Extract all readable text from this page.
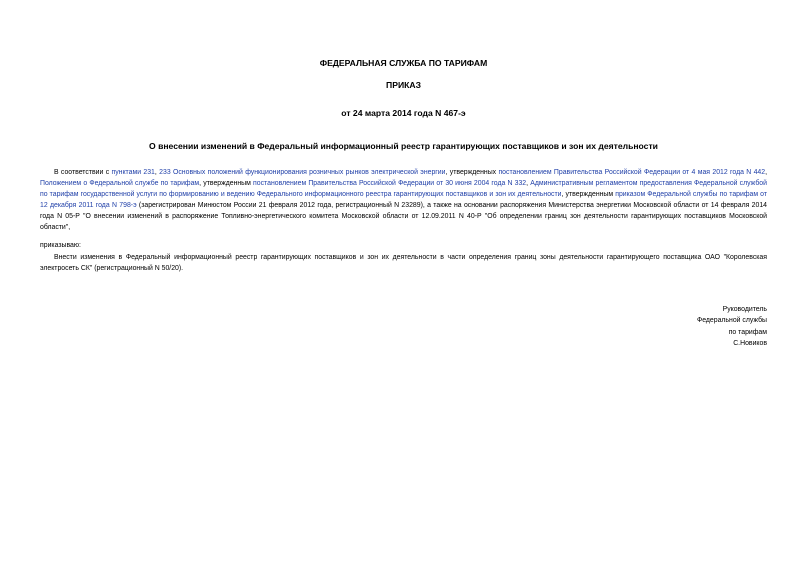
ФЕДЕРАЛЬНАЯ СЛУЖБА ПО ТАРИФАМ
ПРИКАЗ
от 24 марта 2014 года N 467-э
О внесении изменений в Федеральный информационный реестр гарантирующих поставщиков и зон их деятельности
В соответствии с пунктами 231, 233 Основных положений функционирования розничных рынков электрической энергии, утвержденных постановлением Правительства Российской Федерации от 4 мая 2012 года N 442, Положением о Федеральной службе по тарифам, утвержденным постановлением Правительства Российской Федерации от 30 июня 2004 года N 332, Административным регламентом предоставления Федеральной службой по тарифам государственной услуги по формированию и ведению Федерального информационного реестра гарантирующих поставщиков и зон их деятельности, утвержденным приказом Федеральной службы по тарифам от 12 декабря 2011 года N 798-э (зарегистрирован Минюстом России 21 февраля 2012 года, регистрационный N 23289), а также на основании распоряжения Министерства энергетики Московской области от 14 февраля 2014 года N 05-Р "О внесении изменений в распоряжение Топливно-энергетического комитета Московской области от 12.09.2011 N 40-Р "Об определении границ зон деятельности гарантирующих поставщиков Московской области",
приказываю:
Внести изменения в Федеральный информационный реестр гарантирующих поставщиков и зон их деятельности в части определения границ зоны деятельности гарантирующего поставщика ОАО "Королевская электросеть СК" (регистрационный N 50/20).
Руководитель
Федеральной службы
по тарифам
С.Новиков
